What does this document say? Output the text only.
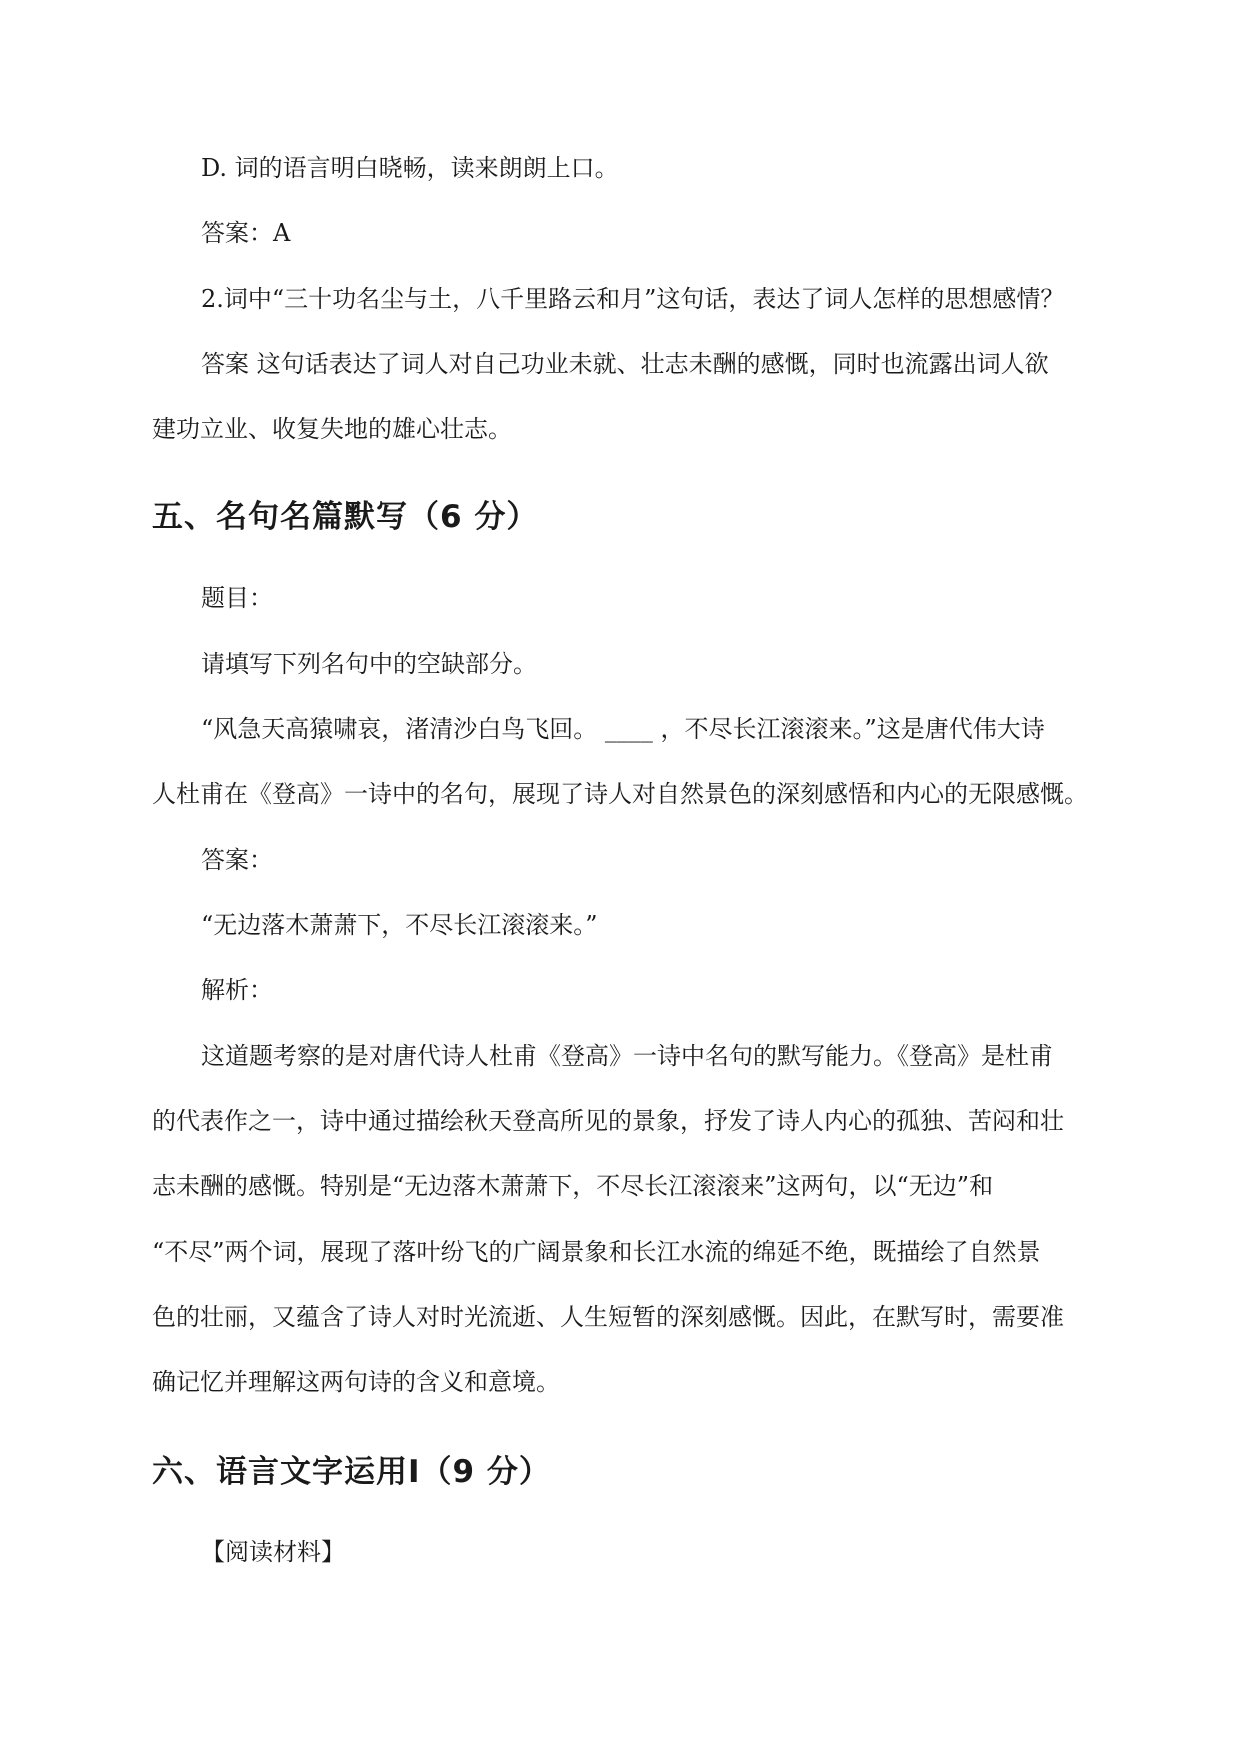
D. 词的语言明白晓畅，读来朗朗上口。
答案：A
2.词中“三十功名尘与土，八千里路云和月”这句话，表达了词人怎样的思想感情？
答案 这句话表达了词人对自己功业未就、壮志未酬的感慨，同时也流露出词人欲
建功立业、收复失地的雄心壮志。
五、名句名篇默写（6 分）
题目：
请填写下列名句中的空缺部分。
“风急天高猿啸哀，渚清沙白鸟飞回。 ____ ，不尽长江滚滚来。”这是唐代伟大诗
人杜甫在《登高》一诗中的名句，展现了诗人对自然景色的深刻感悟和内心的无限感慨。
答案：
“无边落木萧萧下，不尽长江滚滚来。”
解析：
这道题考察的是对唐代诗人杜甫《登高》一诗中名句的默写能力。《登高》是杜甫
的代表作之一，诗中通过描绘秋天登高所见的景象，抒发了诗人内心的孤独、苦闷和壮
志未酬的感慨。特别是“无边落木萧萧下，不尽长江滚滚来”这两句，以“无边”和
“不尽”两个词，展现了落叶纷飞的广阔景象和长江水流的绵延不绝，既描绘了自然景
色的壮丽，又蕴含了诗人对时光流逝、人生短暂的深刻感慨。因此，在默写时，需要准
确记忆并理解这两句诗的含义和意境。
六、语言文字运用Ⅰ（9 分）
【阅读材料】
